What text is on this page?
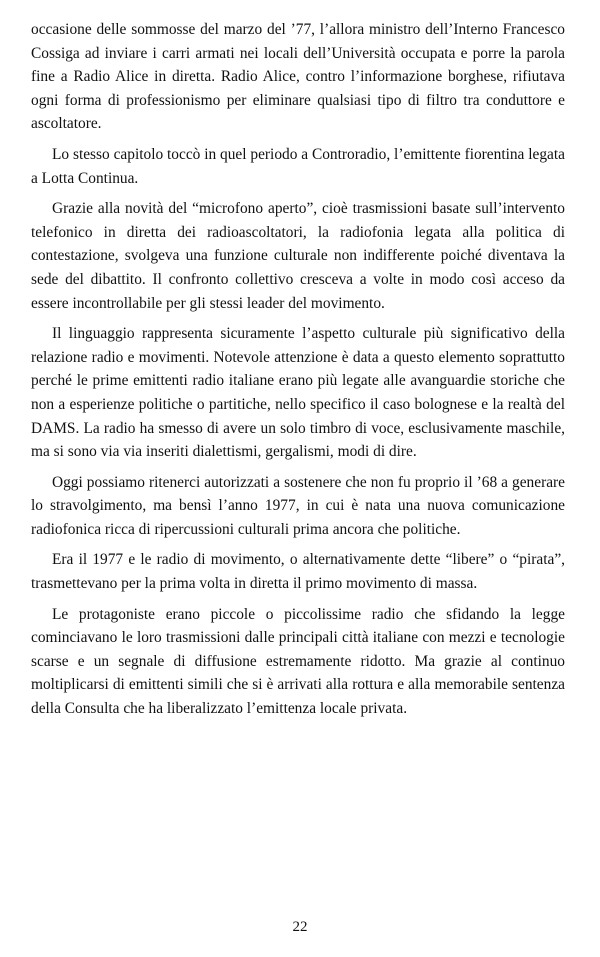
occasione delle sommosse del marzo del ’77, l’allora ministro dell’Interno Francesco Cossiga ad inviare i carri armati nei locali dell’Università occupata e porre la parola fine a Radio Alice in diretta. Radio Alice, contro l’informazione borghese, rifiutava ogni forma di professionismo per eliminare qualsiasi tipo di filtro tra conduttore e ascoltatore.

Lo stesso capitolo toccò in quel periodo a Controradio, l’emittente fiorentina legata a Lotta Continua.

Grazie alla novità del “microfono aperto”, cioè trasmissioni basate sull’intervento telefonico in diretta dei radioascoltatori, la radiofonia legata alla politica di contestazione, svolgeva una funzione culturale non indifferente poiché diventava la sede del dibattito. Il confronto collettivo cresceva a volte in modo così acceso da essere incontrollabile per gli stessi leader del movimento.

Il linguaggio rappresenta sicuramente l’aspetto culturale più significativo della relazione radio e movimenti. Notevole attenzione è data a questo elemento soprattutto perché le prime emittenti radio italiane erano più legate alle avanguardie storiche che non a esperienze politiche o partitiche, nello specifico il caso bolognese e la realtà del DAMS. La radio ha smesso di avere un solo timbro di voce, esclusivamente maschile, ma si sono via via inseriti dialettismi, gergalismi, modi di dire.

Oggi possiamo ritenerci autorizzati a sostenere che non fu proprio il ’68 a generare lo stravolgimento, ma bensì l’anno 1977, in cui è nata una nuova comunicazione radiofonica ricca di ripercussioni culturali prima ancora che politiche.

Era il 1977 e le radio di movimento, o alternativamente dette “libere” o “pirata”, trasmettevano per la prima volta in diretta il primo movimento di massa.

Le protagoniste erano piccole o piccolissime radio che sfidando la legge cominciavano le loro trasmissioni dalle principali città italiane con mezzi e tecnologie scarse e un segnale di diffusione estremamente ridotto. Ma grazie al continuo moltiplicarsi di emittenti simili che si è arrivati alla rottura e alla memorabile sentenza della Consulta che ha liberalizzato l’emittenza locale privata.

22
